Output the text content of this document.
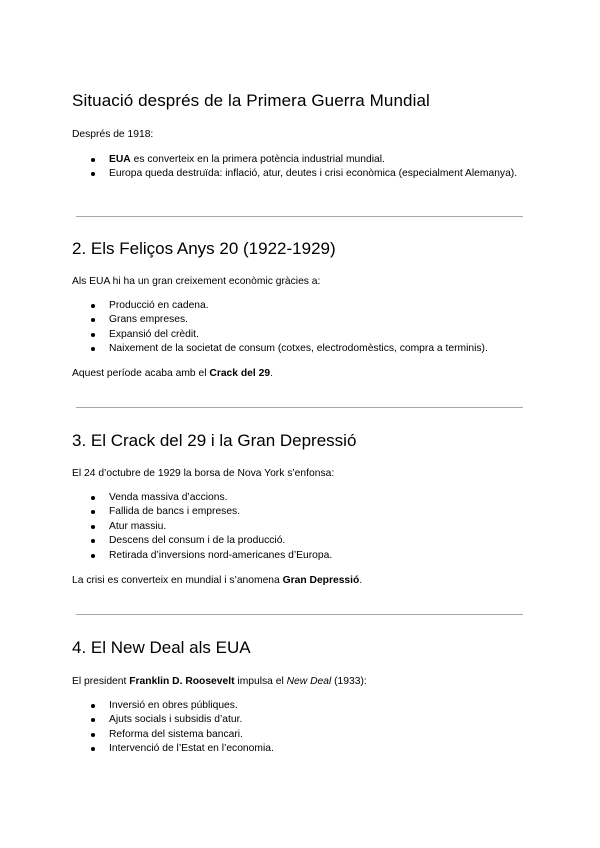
Situació després de la Primera Guerra Mundial

Després de 1918:

EUA es converteix en la primera potència industrial mundial.
Europa queda destruïda: inflació, atur, deutes i crisi econòmica (especialment Alemanya).
2. Els Feliços Anys 20 (1922-1929)

Als EUA hi ha un gran creixement econòmic gràcies a:

Producció en cadena.
Grans empreses.
Expansió del crèdit.
Naixement de la societat de consum (cotxes, electrodomèstics, compra a terminis).

Aquest període acaba amb el Crack del 29.

3. El Crack del 29 i la Gran Depressió

El 24 d’octubre de 1929 la borsa de Nova York s’enfonsa:

Venda massiva d’accions.
Fallida de bancs i empreses.
Atur massiu.
Descens del consum i de la producció.
Retirada d’inversions nord-americanes d’Europa.

La crisi es converteix en mundial i s’anomena Gran Depressió.

4. El New Deal als EUA

El president Franklin D. Roosevelt impulsa el New Deal (1933):

Inversió en obres públiques.
Ajuts socials i subsidis d’atur.
Reforma del sistema bancari.
Intervenció de l’Estat en l’economia.
